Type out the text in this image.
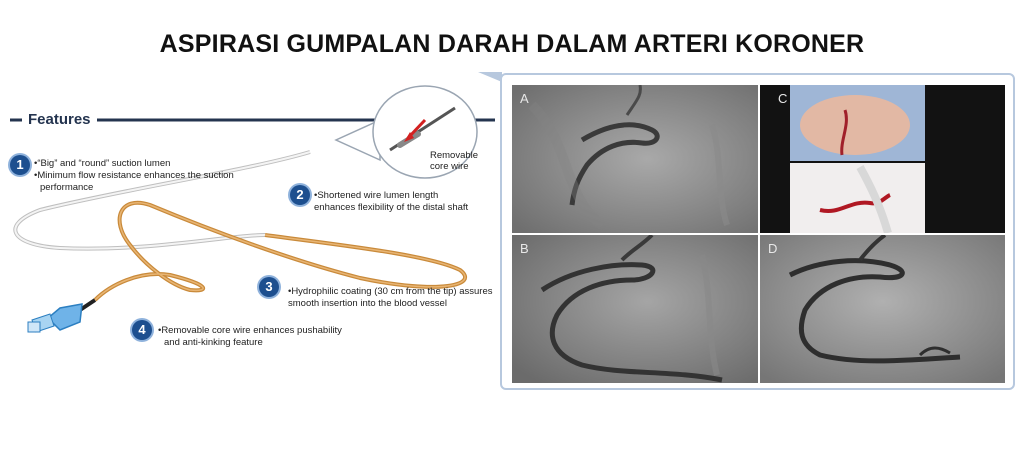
ASPIRASI GUMPALAN DARAH DALAM ARTERI KORONER
Features
Removable
core wire
1	•“Big” and “round” suction lumen
•Minimum flow resistance enhances the suction
performance	2	•Shortened wire lumen length
enhances flexibility of the distal shaft
3	•Hydrophilic coating (30 cm from the tip) assures
smooth insertion into the blood vessel
4	•Removable core wire enhances pushability
and anti-kinking feature
A	C
B	D
